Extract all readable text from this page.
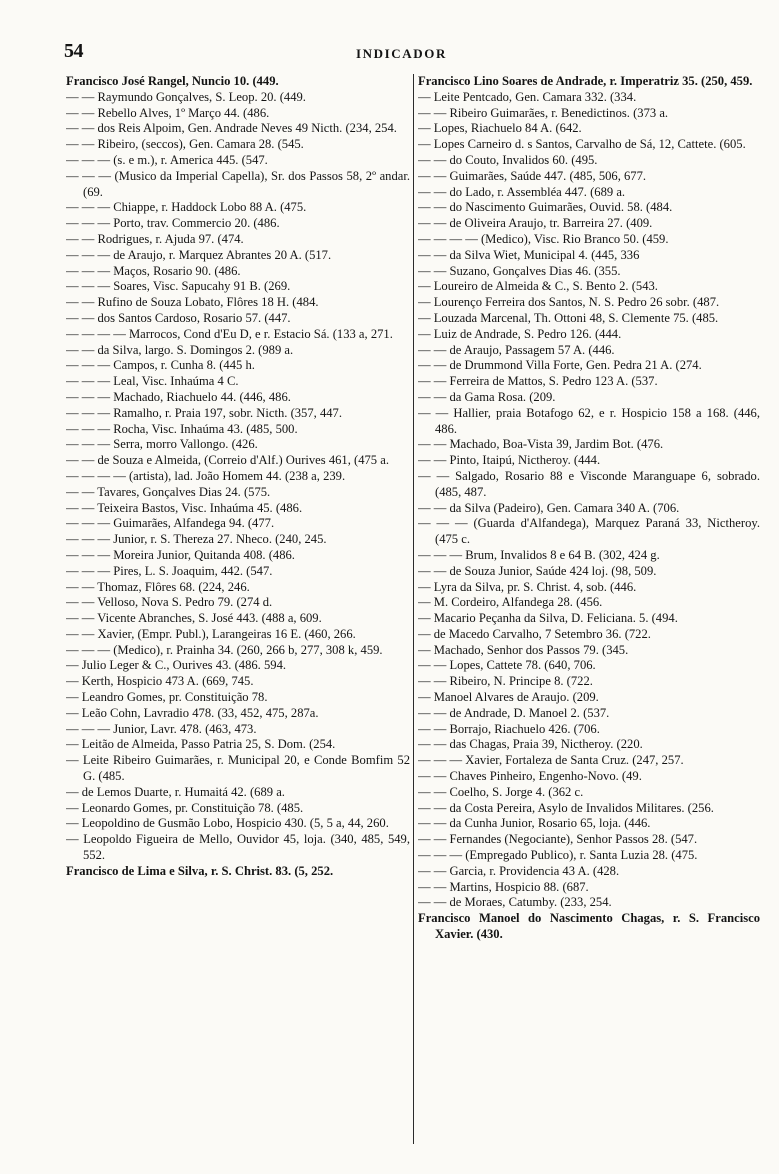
54	INDICADOR

Francisco José Rangel, Nuncio 10. (449.

— — Raymundo Gonçalves, S. Leop. 20. (449.

— — Rebello Alves, 1º Março 44. (486.

— — dos Reis Alpoim, Gen. Andrade Neves 49 Nicth. (234, 254.

— — Ribeiro, (seccos), Gen. Camara 28. (545.

— — — (s. e m.), r. America 445. (547.

— — — (Musico da Imperial Capella), Sr. dos Passos 58, 2º andar. (69.

— — — Chiappe, r. Haddock Lobo 88 A. (475.

— — — Porto, trav. Commercio 20. (486.

— — Rodrigues, r. Ajuda 97. (474.

— — — de Araujo, r. Marquez Abrantes 20 A. (517.

— — — Maços, Rosario 90. (486.

— — — Soares, Visc. Sapucahy 91 B. (269.

— — Rufino de Souza Lobato, Flôres 18 H. (484.

— — dos Santos Cardoso, Rosario 57. (447.

— — — — Marrocos, Cond d'Eu D, e r. Estacio Sá. (133 a, 271.

— — da Silva, largo. S. Domingos 2. (989 a.

— — — Campos, r. Cunha 8. (445 h.

— — — Leal, Visc. Inhaúma 4 C.

— — — Machado, Riachuelo 44. (446, 486.

— — — Ramalho, r. Praia 197, sobr. Nicth. (357, 447.

— — — Rocha, Visc. Inhaúma 43. (485, 500.

— — — Serra, morro Vallongo. (426.

— — de Souza e Almeida, (Correio d'Alf.) Ourives 461, (475 a.

— — — — (artista), lad. João Homem 44. (238 a, 239.

— — Tavares, Gonçalves Dias 24. (575.

— — Teixeira Bastos, Visc. Inhaúma 45. (486.

— — — Guimarães, Alfandega 94. (477.

— — — Junior, r. S. Thereza 27. Nheco. (240, 245.

— — — Moreira Junior, Quitanda 408. (486.

— — — Pires, L. S. Joaquim, 442. (547.

— — Thomaz, Flôres 68. (224, 246.

— — Velloso, Nova S. Pedro 79. (274 d.

— — Vicente Abranches, S. José 443. (488 a, 609.

— — Xavier, (Empr. Publ.), Larangeiras 16 E. (460, 266.

— — — (Medico), r. Prainha 34. (260, 266 b, 277, 308 k, 459.

— Julio Leger & C., Ourives 43. (486. 594.

— Kerth, Hospicio 473 A. (669, 745.

— Leandro Gomes, pr. Constituição 78.

— Leão Cohn, Lavradio 478. (33, 452, 475, 287a.

— — — Junior, Lavr. 478. (463, 473.

— Leitão de Almeida, Passo Patria 25, S. Dom. (254.

— Leite Ribeiro Guimarães, r. Municipal 20, e Conde Bomfim 52 G. (485.

— de Lemos Duarte, r. Humaitá 42. (689 a.

— Leonardo Gomes, pr. Constituição 78. (485.

— Leopoldino de Gusmão Lobo, Hospicio 430. (5, 5 a, 44, 260.

— Leopoldo Figueira de Mello, Ouvidor 45, loja. (340, 485, 549, 552.

Francisco de Lima e Silva, r. S. Christ. 83. (5, 252.

Francisco Lino Soares de Andrade, r. Imperatriz 35. (250, 459.

— Leite Pentcado, Gen. Camara 332. (334.

— — Ribeiro Guimarães, r. Benedictinos. (373 a.

— Lopes, Riachuelo 84 A. (642.

— Lopes Carneiro d. s Santos, Carvalho de Sá, 12, Cattete. (605.

— — do Couto, Invalidos 60. (495.

— — Guimarães, Saúde 447. (485, 506, 677.

— — do Lado, r. Assembléa 447. (689 a.

— — do Nascimento Guimarães, Ouvid. 58. (484.

— — de Oliveira Araujo, tr. Barreira 27. (409.

— — — — (Medico), Visc. Rio Branco 50. (459.

— — da Silva Wiet, Municipal 4. (445, 336

— — Suzano, Gonçalves Dias 46. (355.

— Loureiro de Almeida & C., S. Bento 2. (543.

— Lourenço Ferreira dos Santos, N. S. Pedro 26 sobr. (487.

— Louzada Marcenal, Th. Ottoni 48, S. Clemente 75. (485.

— Luiz de Andrade, S. Pedro 126. (444.

— — de Araujo, Passagem 57 A. (446.

— — de Drummond Villa Forte, Gen. Pedra 21 A. (274.

— — Ferreira de Mattos, S. Pedro 123 A. (537.

— — da Gama Rosa. (209.

— — Hallier, praia Botafogo 62, e r. Hospicio 158 a 168. (446, 486.

— — Machado, Boa-Vista 39, Jardim Bot. (476.

— — Pinto, Itaipú, Nictheroy. (444.

— — Salgado, Rosario 88 e Visconde Maranguape 6, sobrado. (485, 487.

— — da Silva (Padeiro), Gen. Camara 340 A. (706.

— — — (Guarda d'Alfandega), Marquez Paraná 33, Nictheroy. (475 c.

— — — Brum, Invalidos 8 e 64 B. (302, 424 g.

— — de Souza Junior, Saúde 424 loj. (98, 509.

— Lyra da Silva, pr. S. Christ. 4, sob. (446.

— M. Cordeiro, Alfandega 28. (456.

— Macario Peçanha da Silva, D. Feliciana. 5. (494.

— de Macedo Carvalho, 7 Setembro 36. (722.

— Machado, Senhor dos Passos 79. (345.

— — Lopes, Cattete 78. (640, 706.

— — Ribeiro, N. Principe 8. (722.

— Manoel Alvares de Araujo. (209.

— — de Andrade, D. Manoel 2. (537.

— — Borrajo, Riachuelo 426. (706.

— — das Chagas, Praia 39, Nictheroy. (220.

— — — Xavier, Fortaleza de Santa Cruz. (247, 257.

— — Chaves Pinheiro, Engenho-Novo. (49.

— — Coelho, S. Jorge 4. (362 c.

— — da Costa Pereira, Asylo de Invalidos Militares. (256.

— — da Cunha Junior, Rosario 65, loja. (446.

— — Fernandes (Negociante), Senhor Passos 28. (547.

— — — (Empregado Publico), r. Santa Luzia 28. (475.

— — Garcia, r. Providencia 43 A. (428.

— — Martins, Hospicio 88. (687.

— — de Moraes, Catumby. (233, 254.

Francisco Manoel do Nascimento Chagas, r. S. Francisco Xavier. (430.
